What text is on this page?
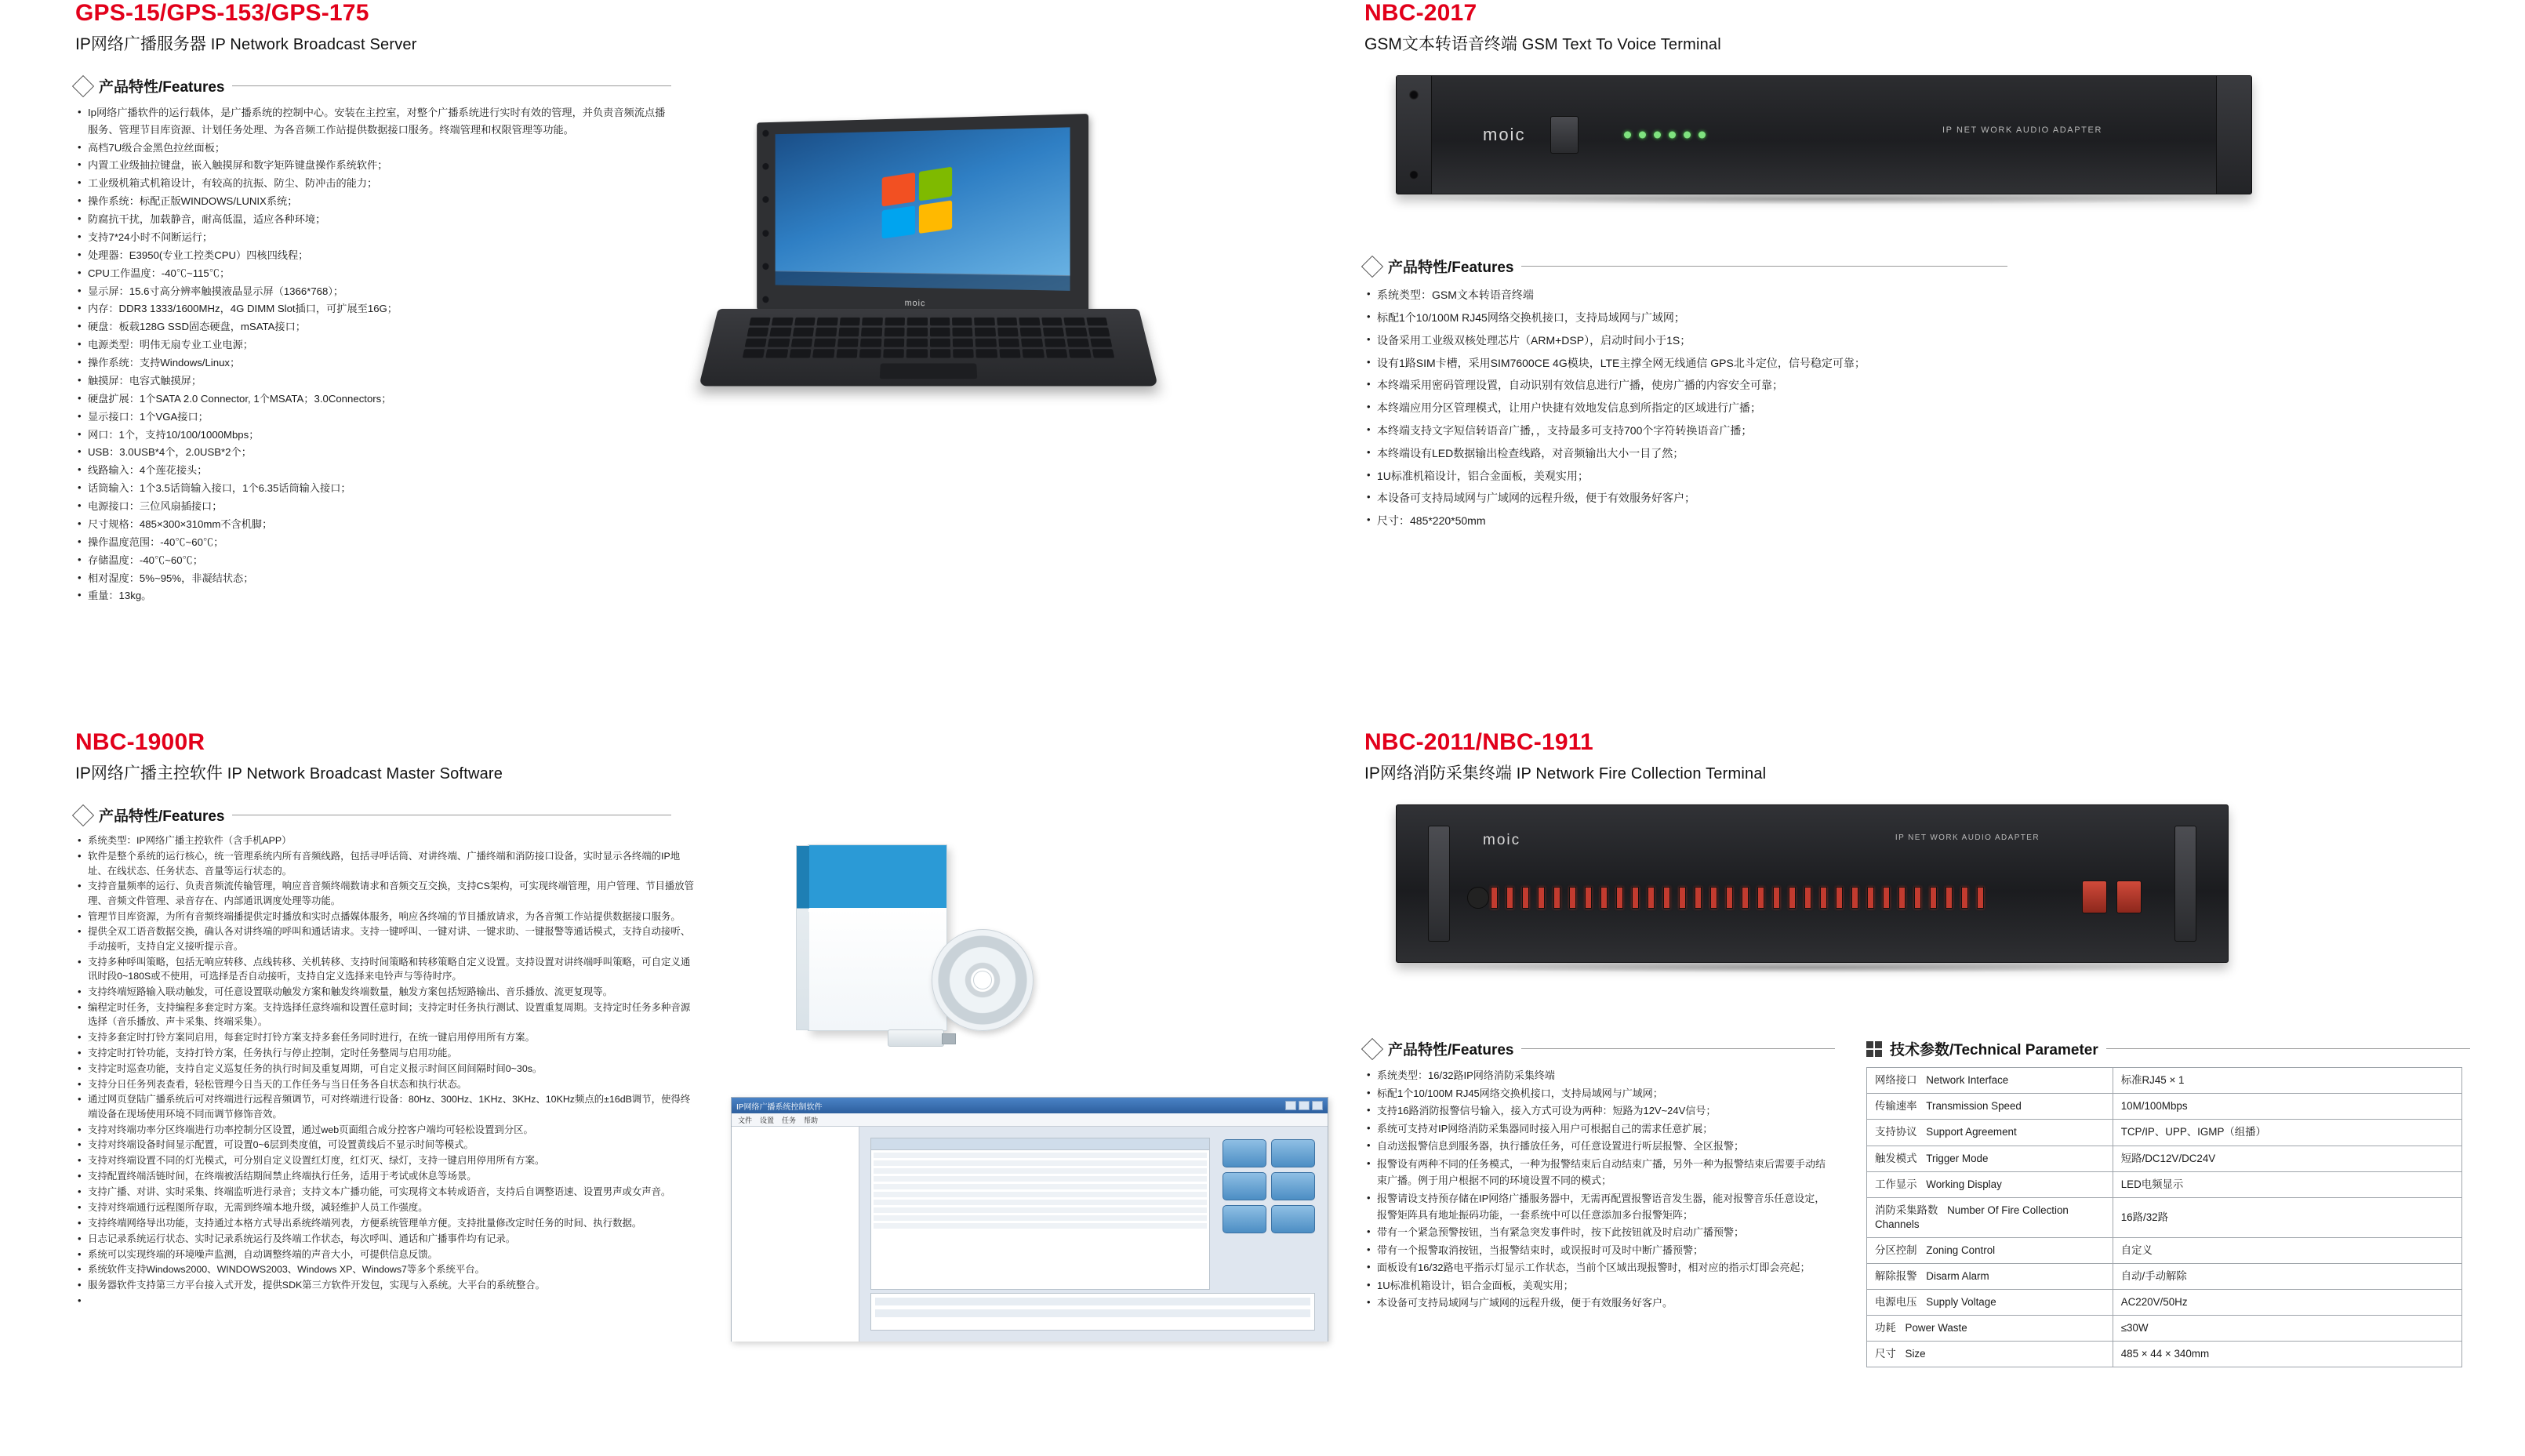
GPS-15/GPS-153/GPS-175
IP网络广播服务器 IP Network Broadcast Server
产品特性/Features
• Ip网络广播软件的运行载体，是广播系统的控制中心。安装在主控室，对整个广播系统进行实时有效的管理，并负责音频流点播服务、管理节目库资源、计划任务处理、为各音频工作站提供数据接口服务。终端管理和权限管理等功能。
• 高档7U级合金黑色拉丝面板；
• 内置工业级抽拉键盘，嵌入触摸屏和数字矩阵键盘操作系统软件；
• 工业级机箱式机箱设计，有较高的抗振、防尘、防冲击的能力；
• 操作系统：标配正版WINDOWS/LUNIX系统；
• 防腐抗干扰，加载静音，耐高低温，适应各种环境；
• 支持7*24小时不间断运行；
• 处理器：E3950(专业工控类CPU）四核四线程；
• CPU工作温度：-40℃~115℃；
• 显示屏：15.6寸高分辨率触摸液晶显示屏（1366*768）；
• 内存：DDR3 1333/1600MHz，4G DIMM Slot插口，可扩展至16G；
• 硬盘：板载128G SSD固态硬盘，mSATA接口；
• 电源类型：明伟无扇专业工业电源；
• 操作系统：支持Windows/Linux；
• 触摸屏：电容式触摸屏；
• 硬盘扩展：1个SATA 2.0 Connector, 1个MSATA；3.0Connectors；
• 显示接口：1个VGA接口；
• 网口：1个，支持10/100/1000Mbps；
• USB：3.0USB*4个，2.0USB*2个；
• 线路输入：4个莲花接头；
• 话筒输入：1个3.5话筒输入接口，1个6.35话筒输入接口；
• 电源接口：三位风扇插接口；
• 尺寸规格：485×300×310mm不含机脚；
• 操作温度范围：-40℃~60℃；
• 存储温度：-40℃~60℃；
• 相对湿度：5%~95%，非凝结状态；
• 重量：13kg。
moic
NBC-2017
GSM文本转语音终端 GSM Text To Voice Terminal
moic	IP NET WORK AUDIO ADAPTER
产品特性/Features
• 系统类型：GSM文本转语音终端
• 标配1个10/100M RJ45网络交换机接口，支持局域网与广域网；
• 设备采用工业级双核处理芯片（ARM+DSP），启动时间小于1S；
• 设有1路SIM卡槽，采用SIM7600CE 4G模块，LTE主撑全网无线通信 GPS北斗定位，信号稳定可靠；
• 本终端采用密码管理设置，自动识别有效信息进行广播，使房广播的内容安全可靠；
• 本终端应用分区管理模式，让用户快捷有效地发信息到所指定的区域进行广播；
• 本终端支持文字短信转语音广播，，支持最多可支持700个字符转换语音广播；
• 本终端设有LED数据输出检查线路，对音频输出大小一目了然；
• 1U标准机箱设计，铝合金面板，美观实用；
• 本设备可支持局域网与广域网的远程升级，便于有效服务好客户；
• 尺寸：485*220*50mm
NBC-1900R
IP网络广播主控软件 IP Network Broadcast Master Software
产品特性/Features
• 系统类型：IP网络广播主控软件（含手机APP）
• 软件是整个系统的运行核心，统一管理系统内所有音频线路，包括寻呼话筒、对讲终端、广播终端和消防接口设备，实时显示各终端的IP地址、在线状态、任务状态、音量等运行状态的。
• 支持音量频率的运行、负责音频流传输管理，响应音音频终端数请求和音频交互交换，支持CS架构，可实现终端管理，用户管理、节目播放管理、音频文件管理、录音存在、内部通讯调度处理等功能。
• 管理节目库资源，为所有音频终端播提供定时播放和实时点播媒体服务，响应各终端的节目播放请求，为各音频工作站提供数据接口服务。
• 提供全双工语音数据交换，确认各对讲终端的呼叫和通话请求。支持一键呼叫、一键对讲、一键求助、一键报警等通话模式，支持自动接听、手动接听，支持自定义接听提示音。
• 支持多种呼叫策略，包括无响应转移、点线转移、关机转移、支持时间策略和转移策略自定义设置。支持设置对讲终端呼叫策略，可自定义通讯时段0~180S或不使用，可选择是否自动接听，支持自定义选择来电铃声与等待时序。
• 支持终端短路输入联动触发，可任意设置联动触发方案和触发终端数量，触发方案包括短路输出、音乐播放、流更复现等。
• 编程定时任务，支持编程多套定时方案。支持选择任意终端和设置任意时间；支持定时任务执行测试、设置重复周期。支持定时任务多种音源选择（音乐播放、声卡采集、终端采集）。
• 支持多套定时打铃方案同启用，每套定时打铃方案支持多套任务同时进行，在统一键启用停用所有方案。
• 支持定时打铃功能，支持打铃方案，任务执行与停止控制，定时任务整周与启用功能。
• 支持定时巡查功能，支持自定义巡复任务的执行时间及重复周期，可自定义报示时间区间间隔时间0~30s。
• 支持分日任务列表查看，轻松管理今日当天的工作任务与当日任务各自状态和执行状态。
• 通过网页登陆广播系统后可对终端进行远程音频调节，可对终端进行设备：80Hz、300Hz、1KHz、3KHz、10KHz频点的±16dB调节，使得终端设备在现场使用环境不同而调节修饰音效。
• 支持对终端功率分区终端进行功率控制分区设置，通过web页面组合成分控客户端均可轻松设置到分区。
• 支持对终端设备时间显示配置，可设置0~6层到类度值，可设置黄线后不显示时间等模式。
• 支持对终端设置不同的灯光模式，可分别自定义设置红灯度，红灯灭、绿灯，支持一键启用停用所有方案。
• 支持配置终端活链时间，在终端被活结期间禁止终端执行任务，适用于考试或休息等场景。
• 支持广播、对讲、实时采集、终端监听进行录音；支持文本广播功能，可实现将文本转成语音，支持后自调整语速、设置男声或女声音。
• 支持对终端通行远程图所存取，无需到终端本地升级，减轻维护人员工作强度。
• 支持终端网络导出功能，支持通过本格方式导出系统终端列表，方便系统管理单方便。支持批量修改定时任务的时间、执行数据。
• 日志记录系统运行状态、实时记录系统运行及终端工作状态，每次呼叫、通话和广播事件均有记录。
• 系统可以实现终端的环境噪声监测，自动调整终端的声音大小，可提供信息反馈。
• 系统软件支持Windows2000、WINDOWS2003、Windows XP、Windows7等多个系统平台。
• 服务器软件支持第三方平台接入式开发，提供SDK第三方软件开发包，实现与入系统。大平台的系统整合。
IP网络广播系统控制软件
文件 设置 任务 帮助
NBC-2011/NBC-1911
IP网络消防采集终端 IP Network Fire Collection Terminal
moic	IP NET WORK AUDIO ADAPTER
产品特性/Features
• 系统类型：16/32路IP网络消防采集终端
• 标配1个10/100M RJ45网络交换机接口，支持局域网与广域网；
• 支持16路消防报警信号输入，接入方式可设为两种：短路为12V~24V信号；
• 系统可支持对IP网络消防采集器同时接入用户可根据自己的需求任意扩展；
• 自动送报警信息到服务器，执行播放任务，可任意设置进行听层报警、全区报警；
• 报警设有两种不同的任务模式，一种为报警结束后自动结束广播，另外一种为报警结束后需要手动结束广播。例于用户根据不同的环境设置不同的模式；
• 报警请设支持预存储在IP网络广播服务器中，无需再配置报警语音发生器，能对报警音乐任意设定，报警矩阵具有地址振码功能，一套系统中可以任意添加多台报警矩阵；
• 带有一个紧急预警按钮，当有紧急突发事件时，按下此按钮就及时启动广播预警；
• 带有一个报警取消按钮，当报警结束时，或误报时可及时中断广播预警；
• 面板设有16/32路电平指示灯显示工作状态，当前个区域出现报警时，相对应的指示灯即会亮起；
• 1U标准机箱设计，铝合金面板，美观实用；
• 本设备可支持局域网与广域网的远程升级，便于有效服务好客户。
技术参数/Technical Parameter
网络接口 Network Interface	标准RJ45 × 1
传输速率 Transmission Speed	10M/100Mbps
支持协议 Support Agreement	TCP/IP、UPP、IGMP（组播）
触发模式 Trigger Mode	短路/DC12V/DC24V
工作显示 Working Display	LED电频显示
消防采集路数 Number Of Fire Collection Channels	16路/32路
分区控制 Zoning Control	自定义
解除报警 Disarm Alarm	自动/手动解除
电源电压 Supply Voltage	AC220V/50Hz
功耗 Power Waste	≤30W
尺寸 Size	485 × 44 × 340mm
